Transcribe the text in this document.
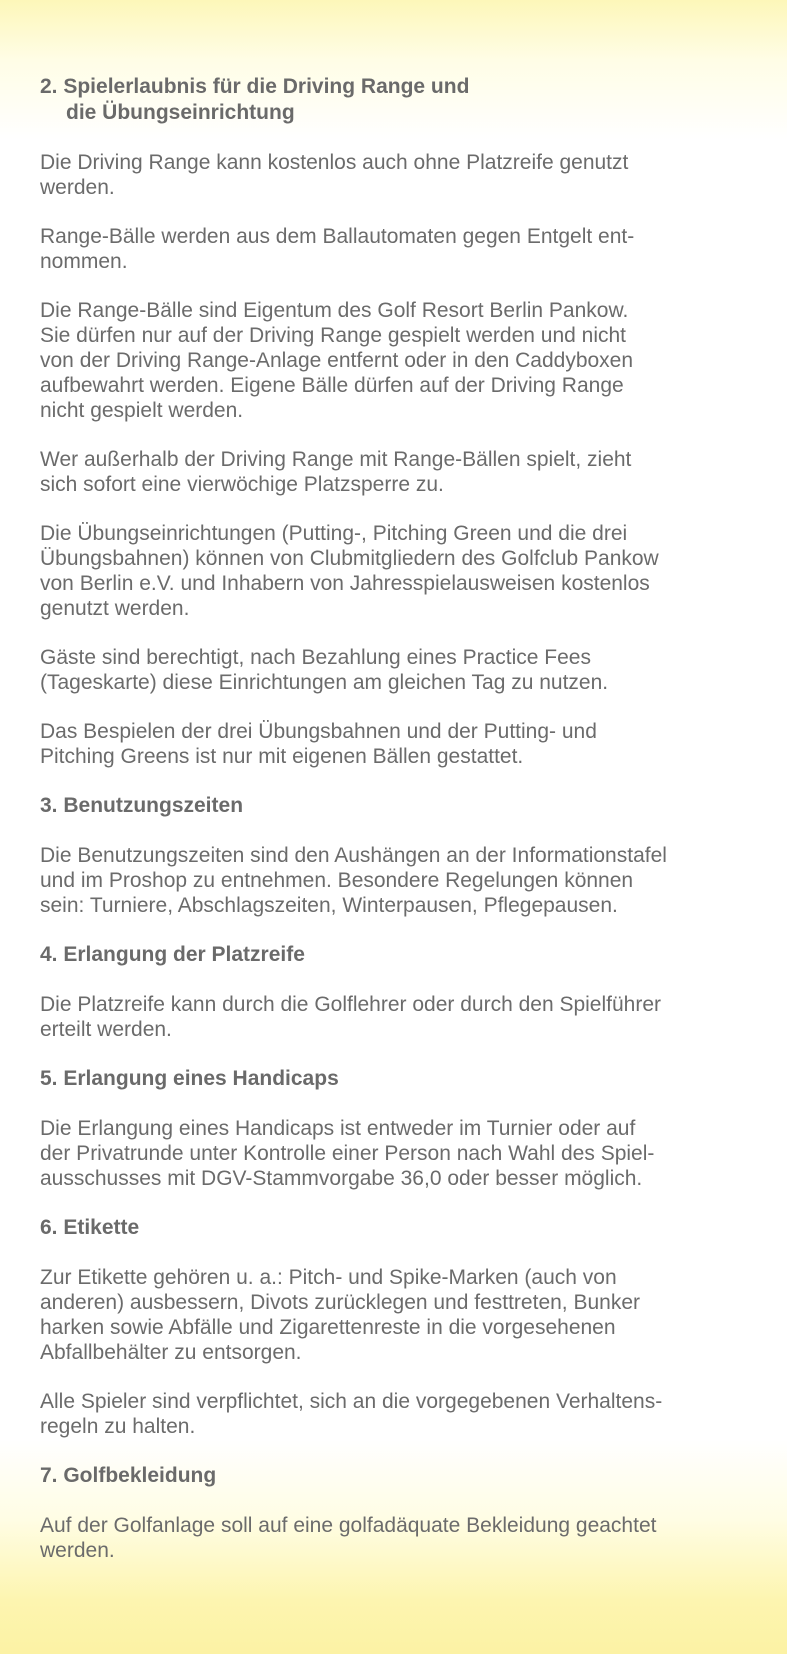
2. Spielerlaubnis für die Driving Range und
die Übungseinrichtung

Die Driving Range kann kostenlos auch ohne Platzreife genutzt
werden.

Range-Bälle werden aus dem Ballautomaten gegen Entgelt ent-
nommen.

Die Range-Bälle sind Eigentum des Golf Resort Berlin Pankow.
Sie dürfen nur auf der Driving Range gespielt werden und nicht
von der Driving Range-Anlage entfernt oder in den Caddyboxen
aufbewahrt werden. Eigene Bälle dürfen auf der Driving Range
nicht gespielt werden.

Wer außerhalb der Driving Range mit Range-Bällen spielt, zieht
sich sofort eine vierwöchige Platzsperre zu.

Die Übungseinrichtungen (Putting-, Pitching Green und die drei
Übungsbahnen) können von Clubmitgliedern des Golfclub Pankow
von Berlin e.V. und Inhabern von Jahresspielausweisen kostenlos
genutzt werden.

Gäste sind berechtigt, nach Bezahlung eines Practice Fees
(Tageskarte) diese Einrichtungen am gleichen Tag zu nutzen.

Das Bespielen der drei Übungsbahnen und der Putting- und
Pitching Greens ist nur mit eigenen Bällen gestattet.

3. Benutzungszeiten

Die Benutzungszeiten sind den Aushängen an der Informationstafel
und im Proshop zu entnehmen. Besondere Regelungen können
sein: Turniere, Abschlagszeiten, Winterpausen, Pflegepausen.

4. Erlangung der Platzreife

Die Platzreife kann durch die Golflehrer oder durch den Spielführer
erteilt werden.

5. Erlangung eines Handicaps

Die Erlangung eines Handicaps ist entweder im Turnier oder auf
der Privatrunde unter Kontrolle einer Person nach Wahl des Spiel-
ausschusses mit DGV-Stammvorgabe 36,0 oder besser möglich.

6. Etikette

Zur Etikette gehören u. a.: Pitch- und Spike-Marken (auch von
anderen) ausbessern, Divots zurücklegen und festtreten, Bunker
harken sowie Abfälle und Zigarettenreste in die vorgesehenen
Abfallbehälter zu entsorgen.

Alle Spieler sind verpflichtet, sich an die vorgegebenen Verhaltens-
regeln zu halten.

7. Golfbekleidung

Auf der Golfanlage soll auf eine golfadäquate Bekleidung geachtet
werden.
